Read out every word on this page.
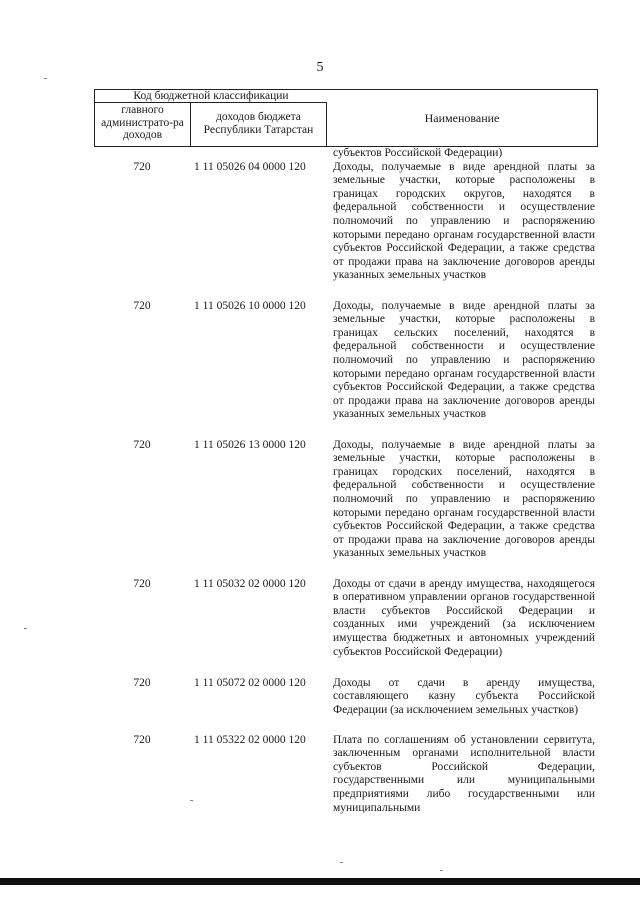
5
Код бюджетной классификации
главного администрато-ра доходов
доходов бюджета Республики Татарстан
Наименование
субъектов Российской Федерации)
720	1 11 05026 04 0000 120	Доходы, получаемые в виде арендной платы за земельные участки, которые расположены в границах городских округов, находятся в федеральной собственности и осуществление полномочий по управлению и распоряжению которыми передано органам государственной власти субъектов Российской Федерации, а также средства от продажи права на заключение договоров аренды указанных земельных участков
720	1 11 05026 10 0000 120	Доходы, получаемые в виде арендной платы за земельные участки, которые расположены в границах сельских поселений, находятся в федеральной собственности и осуществление полномочий по управлению и распоряжению которыми передано органам государственной власти субъектов Российской Федерации, а также средства от продажи права на заключение договоров аренды указанных земельных участков
720	1 11 05026 13 0000 120	Доходы, получаемые в виде арендной платы за земельные участки, которые расположены в границах городских поселений, находятся в федеральной собственности и осуществление полномочий по управлению и распоряжению которыми передано органам государственной власти субъектов Российской Федерации, а также средства от продажи права на заключение договоров аренды указанных земельных участков
720	1 11 05032 02 0000 120	Доходы от сдачи в аренду имущества, находящегося в оперативном управлении органов государственной власти субъектов Российской Федерации и созданных ими учреждений (за исключением имущества бюджетных и автономных учреждений субъектов Российской Федерации)
720	1 11 05072 02 0000 120	Доходы от сдачи в аренду имущества, составляющего казну субъекта Российской Федерации (за исключением земельных участков)
720	1 11 05322 02 0000 120	Плата по соглашениям об установлении сервитута, заключенным органами исполнительной власти субъектов Российской Федерации, государственными или муниципальными предприятиями либо государственными или муниципальными
